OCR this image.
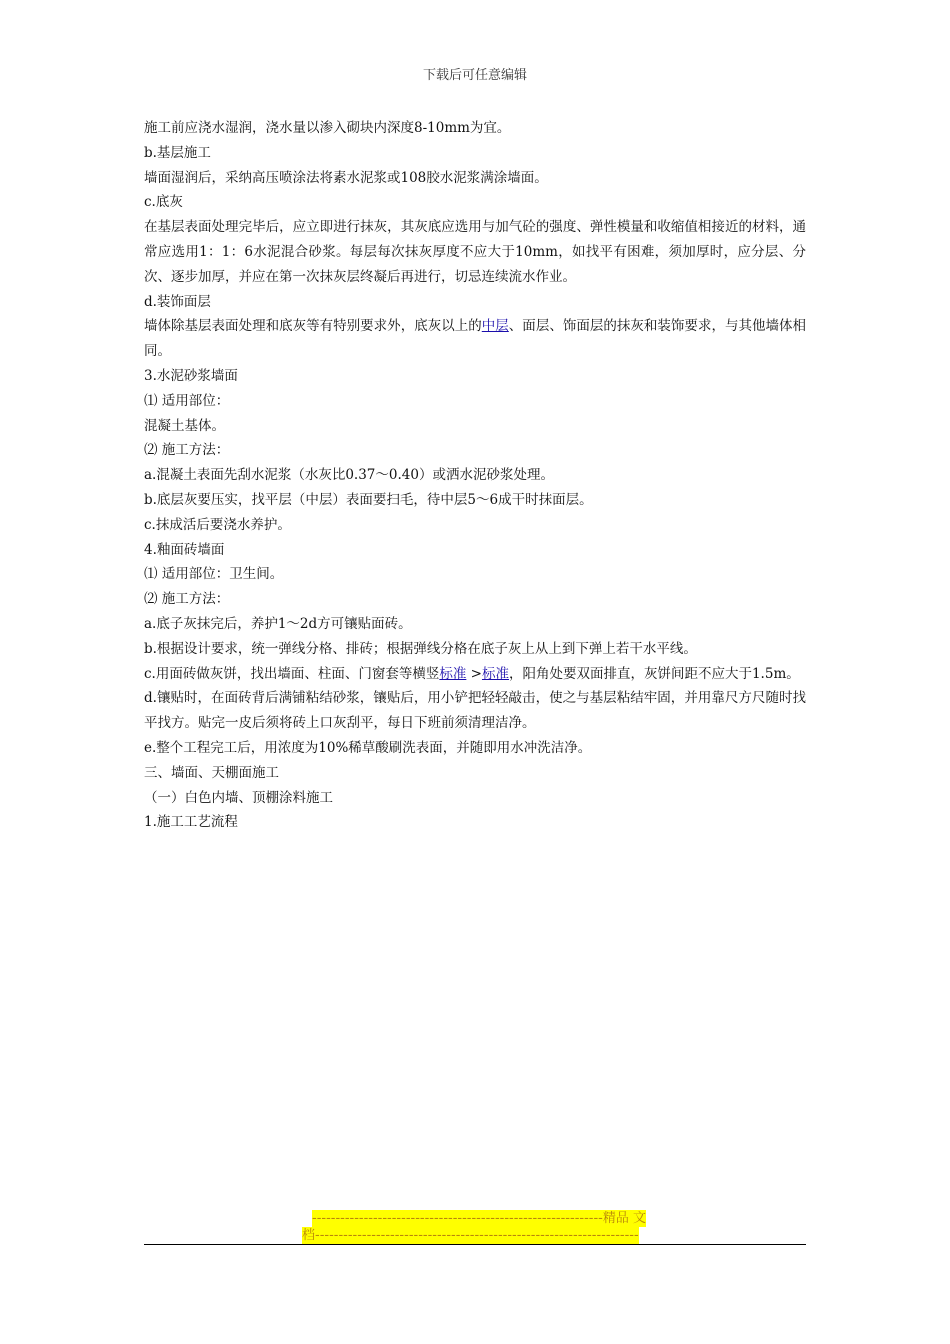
下载后可任意编辑

施工前应浇水湿润，浇水量以渗入砌块内深度8-10mm为宜。

b.基层施工

墙面湿润后，采纳高压喷涂法将素水泥浆或108胶水泥浆满涂墙面。

c.底灰

在基层表面处理完毕后，应立即进行抹灰，其灰底应选用与加气砼的强度、弹性模量和收缩值相接近的材料，通常应选用1：1：6水泥混合砂浆。每层每次抹灰厚度不应大于10mm，如找平有困难，须加厚时，应分层、分次、逐步加厚，并应在第一次抹灰层终凝后再进行，切忌连续流水作业。

d.装饰面层

墙体除基层表面处理和底灰等有特别要求外，底灰以上的中层、面层、饰面层的抹灰和装饰要求，与其他墙体相同。

3.水泥砂浆墙面

⑴ 适用部位：

混凝土基体。

⑵ 施工方法：

a.混凝土表面先刮水泥浆（水灰比0.37～0.40）或洒水泥砂浆处理。

b.底层灰要压实，找平层（中层）表面要扫毛，待中层5～6成干时抹面层。

c.抹成活后要浇水养护。

4.釉面砖墙面

⑴ 适用部位：卫生间。

⑵ 施工方法：

a.底子灰抹完后，养护1～2d方可镶贴面砖。

b.根据设计要求，统一弹线分格、排砖；根据弹线分格在底子灰上从上到下弹上若干水平线。

c.用面砖做灰饼，找出墙面、柱面、门窗套等横竖标准 >标准，阳角处要双面排直，灰饼间距不应大于1.5m。

d.镶贴时，在面砖背后满铺粘结砂浆，镶贴后，用小铲把轻轻敲击，使之与基层粘结牢固，并用靠尺方尺随时找平找方。贴完一皮后须将砖上口灰刮平，每日下班前须清理洁净。

e.整个工程完工后，用浓度为10%稀草酸刷洗表面，并随即用水冲洗洁净。

三、墙面、天棚面施工

（一）白色内墙、顶棚涂料施工

1.施工工艺流程

--------------------------------------------------------------精品 文
档---------------------------------------------------------------------
